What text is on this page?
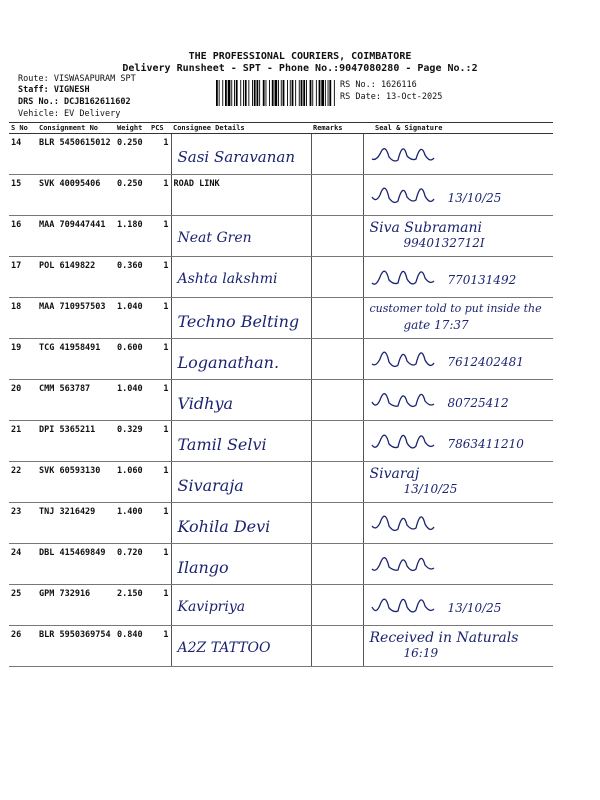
THE PROFESSIONAL COURIERS, COIMBATORE
Delivery Runsheet - SPT - Phone No.:9047080280 - Page No.:2
Route: VISWASAPURAM SPT
Staff: VIGNESH
DRS No.: DCJB162611602
Vehicle: EV Delivery
RS No.: 1626116
RS Date: 13-Oct-2025
S No	Consignment No	Weight	PCS	Consignee Details	Remarks	Seal & Signature
14	BLR 5450615012	0.250	1	Sasi Saravanan

15	SVK 40095406	0.250	1	ROAD LINK		13/10/25

16	MAA 709447441	1.180	1	Neat Gren		Siva Subramani
9940132712I

17	POL 6149822	0.360	1	Ashta lakshmi		770131492

18	MAA 710957503	1.040	1	Techno Belting		customer told to put inside the
gate 17:37

19	TCG 41958491	0.600	1	Loganathan.		7612402481

20	CMM 563787	1.040	1	Vidhya		80725412

21	DPI 5365211	0.329	1	Tamil Selvi		7863411210

22	SVK 60593130	1.060	1	Sivaraja		Sivaraj
13/10/25

23	TNJ 3216429	1.400	1	Kohila Devi

24	DBL 415469849	0.720	1	Ilango

25	GPM 732916	2.150	1	Kavipriya		13/10/25

26	BLR 5950369754	0.840	1	A2Z TATTOO		Received in Naturals
16:19
